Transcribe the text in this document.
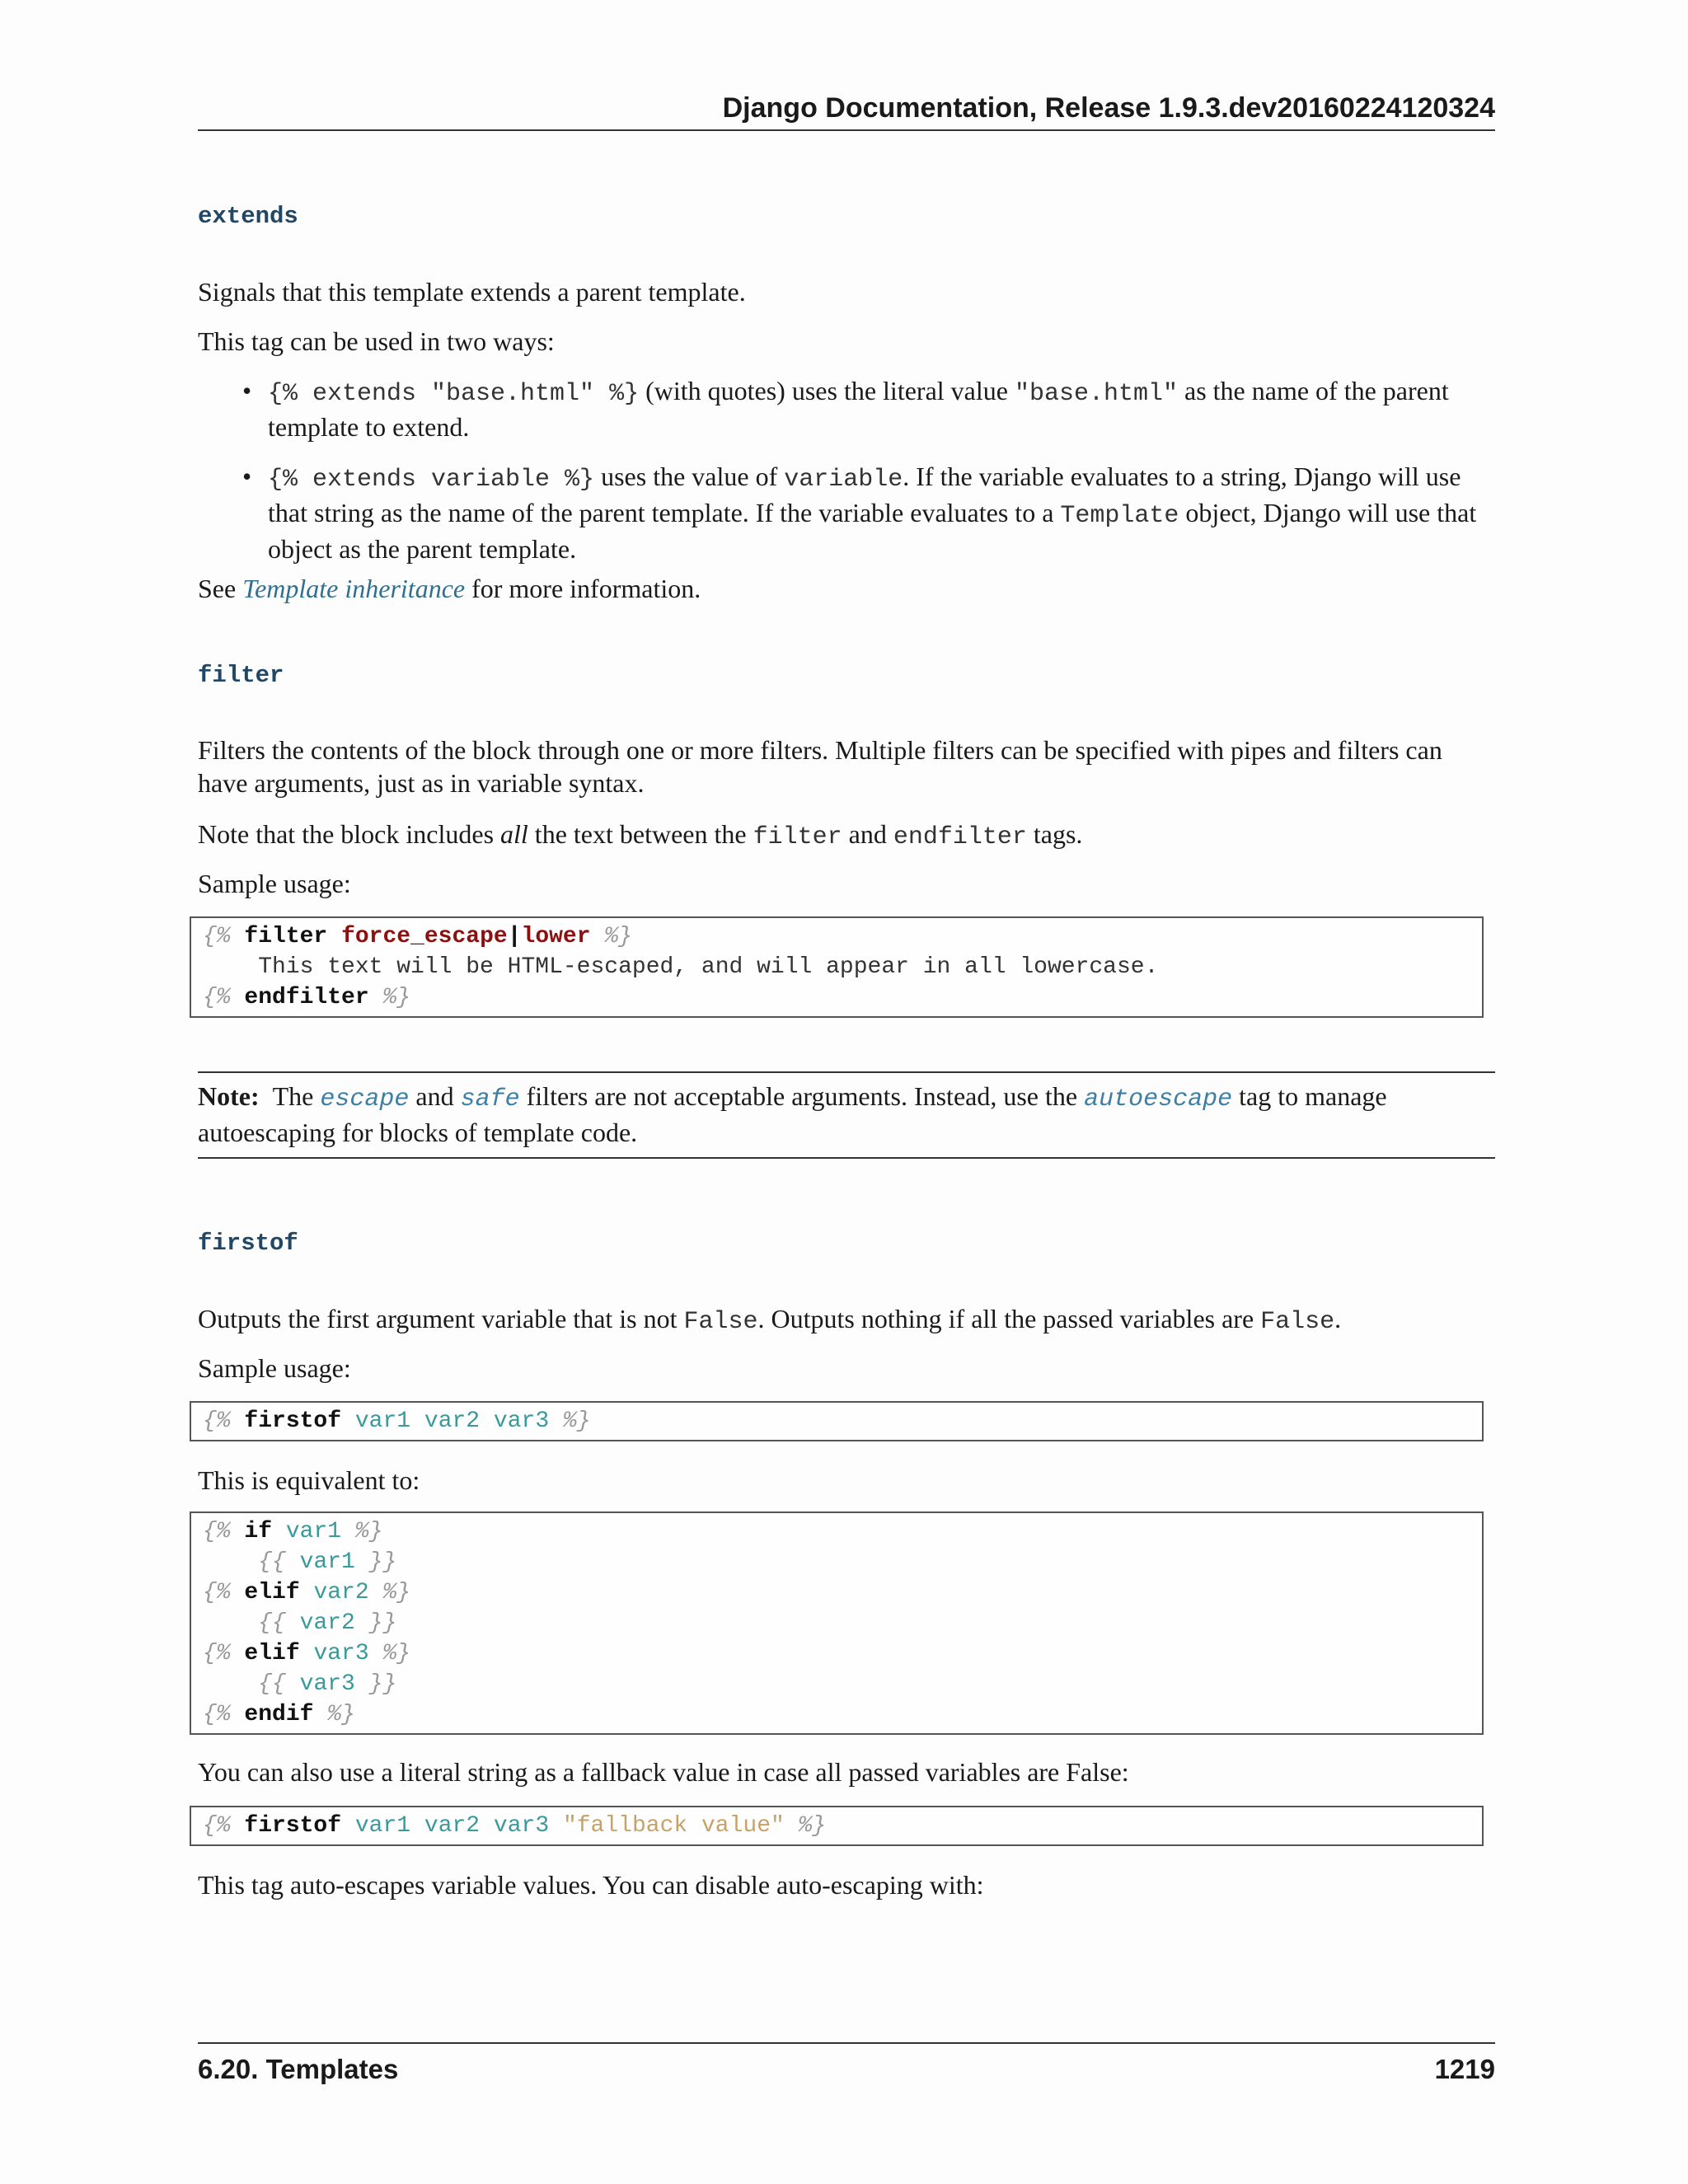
Django Documentation, Release 1.9.3.dev20160224120324
extends

Signals that this template extends a parent template.

This tag can be used in two ways:

• {% extends "base.html" %} (with quotes) uses the literal value "base.html" as the name of the parent template to extend.
• {% extends variable %} uses the value of variable. If the variable evaluates to a string, Django will use that string as the name of the parent template. If the variable evaluates to a Template object, Django will use that object as the parent template.

See Template inheritance for more information.

filter

Filters the contents of the block through one or more filters. Multiple filters can be specified with pipes and filters can have arguments, just as in variable syntax.

Note that the block includes all the text between the filter and endfilter tags.

Sample usage:

{% filter force_escape|lower %}
This text will be HTML-escaped, and will appear in all lowercase.
{% endfilter %}
Note: The escape and safe filters are not acceptable arguments. Instead, use the autoescape tag to manage autoescaping for blocks of template code.
firstof

Outputs the first argument variable that is not False. Outputs nothing if all the passed variables are False.

Sample usage:

{% firstof var1 var2 var3 %}

This is equivalent to:

{% if var1 %}
{{ var1 }}
{% elif var2 %}
{{ var2 }}
{% elif var3 %}
{{ var3 }}
{% endif %}

You can also use a literal string as a fallback value in case all passed variables are False:

{% firstof var1 var2 var3 "fallback value" %}

This tag auto-escapes variable values. You can disable auto-escaping with:

6.20. Templates	1219
